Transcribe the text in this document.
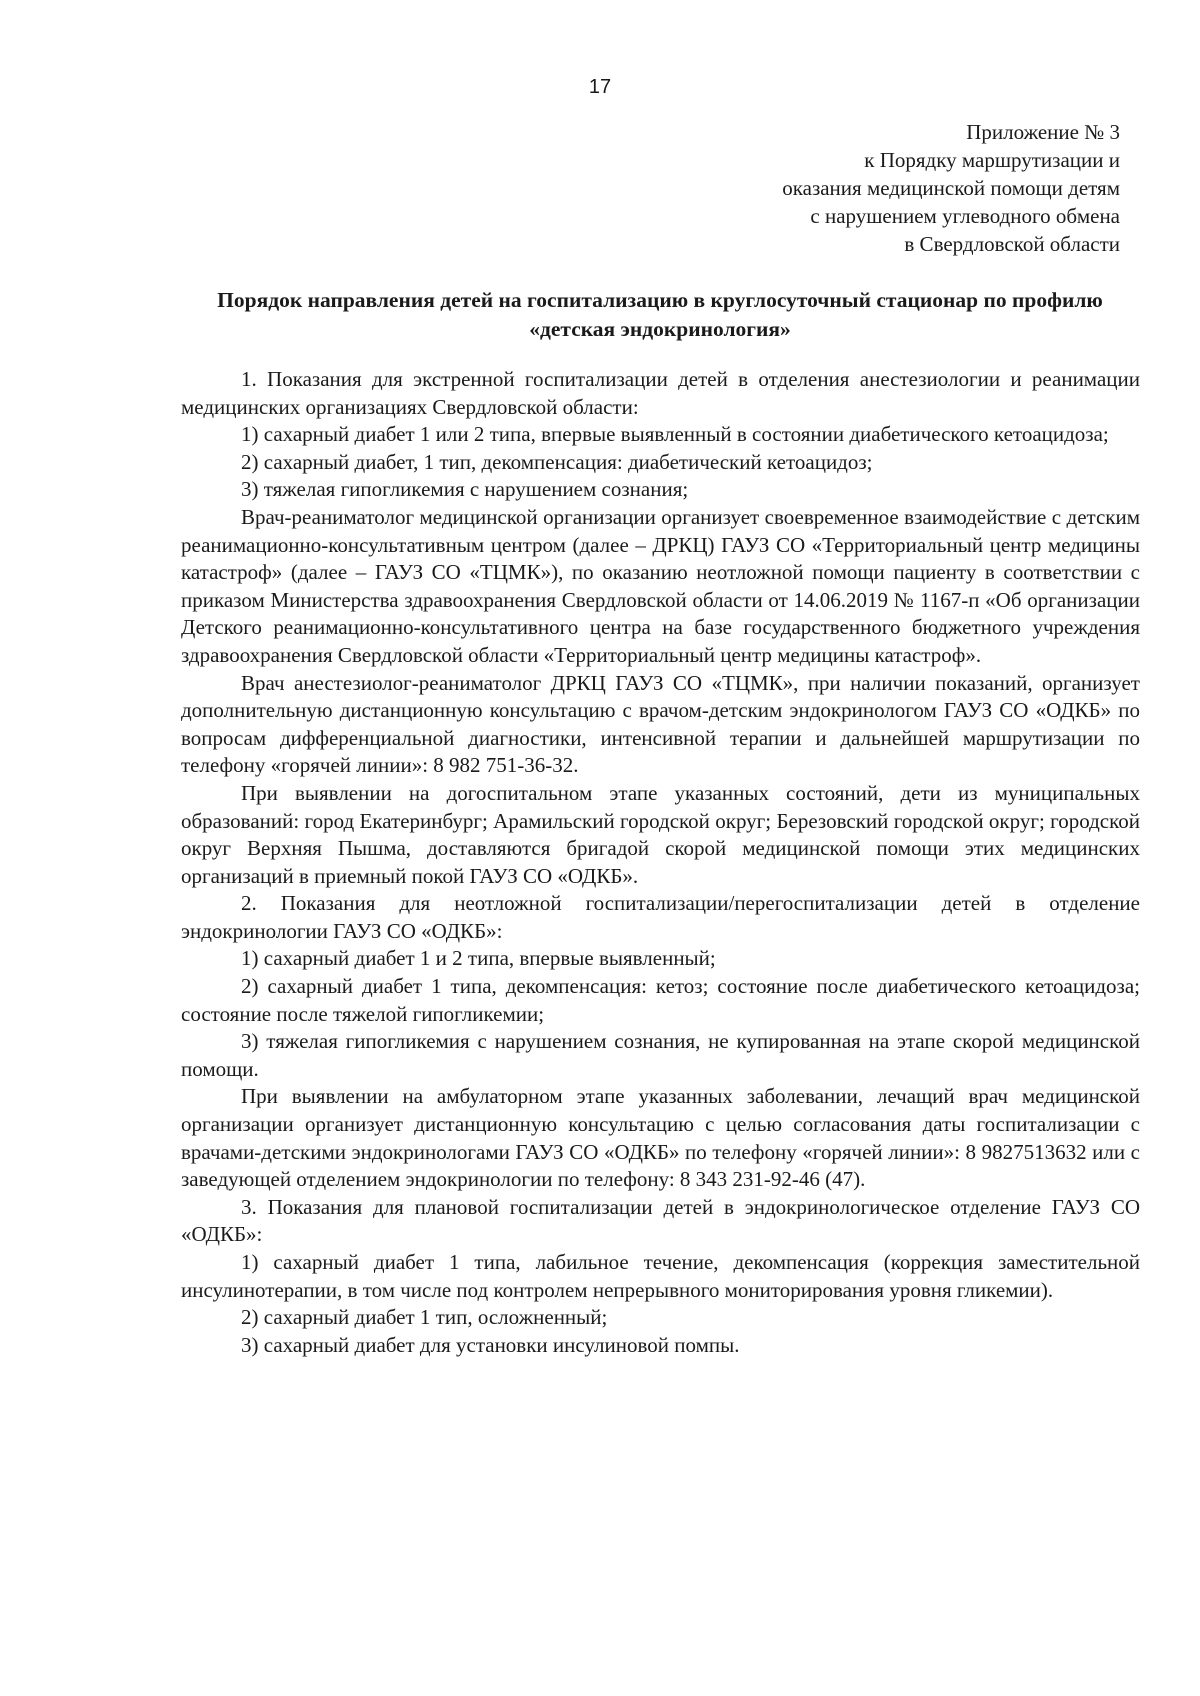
17
Приложение № 3
к Порядку маршрутизации и
оказания медицинской помощи детям
с нарушением углеводного обмена
в Свердловской области
Порядок направления детей на госпитализацию в круглосуточный стационар по профилю «детская эндокринология»

1. Показания для экстренной госпитализации детей в отделения анестезиологии и реанимации медицинских организациях Свердловской области:

1) сахарный диабет 1 или 2 типа, впервые выявленный в состоянии диабетического кетоацидоза;

2) сахарный диабет, 1 тип, декомпенсация: диабетический кетоацидоз;

3) тяжелая гипогликемия с нарушением сознания;

Врач-реаниматолог медицинской организации организует своевременное взаимодействие с детским реанимационно-консультативным центром (далее – ДРКЦ) ГАУЗ СО «Территориальный центр медицины катастроф» (далее – ГАУЗ СО «ТЦМК»), по оказанию неотложной помощи пациенту в соответствии с приказом Министерства здравоохранения Свердловской области от 14.06.2019 № 1167-п «Об организации Детского реанимационно-консультативного центра на базе государственного бюджетного учреждения здравоохранения Свердловской области «Территориальный центр медицины катастроф».

Врач анестезиолог-реаниматолог ДРКЦ ГАУЗ СО «ТЦМК», при наличии показаний, организует дополнительную дистанционную консультацию с врачом-детским эндокринологом ГАУЗ СО «ОДКБ» по вопросам дифференциальной диагностики, интенсивной терапии и дальнейшей маршрутизации по телефону «горячей линии»: 8 982 751-36-32.

При выявлении на догоспитальном этапе указанных состояний, дети из муниципальных образований: город Екатеринбург; Арамильский городской округ; Березовский городской округ; городской округ Верхняя Пышма, доставляются бригадой скорой медицинской помощи этих медицинских организаций в приемный покой ГАУЗ СО «ОДКБ».

2. Показания для неотложной госпитализации/перегоспитализации детей в отделение эндокринологии ГАУЗ СО «ОДКБ»:

1) сахарный диабет 1 и 2 типа, впервые выявленный;

2) сахарный диабет 1 типа, декомпенсация: кетоз; состояние после диабетического кетоацидоза; состояние после тяжелой гипогликемии;

3) тяжелая гипогликемия с нарушением сознания, не купированная на этапе скорой медицинской помощи.

При выявлении на амбулаторном этапе указанных заболевании, лечащий врач медицинской организации организует дистанционную консультацию с целью согласования даты госпитализации с врачами-детскими эндокринологами ГАУЗ СО «ОДКБ» по телефону «горячей линии»: 8 9827513632 или с заведующей отделением эндокринологии по телефону: 8 343 231-92-46 (47).

3. Показания для плановой госпитализации детей в эндокринологическое отделение ГАУЗ СО «ОДКБ»:

1) сахарный диабет 1 типа, лабильное течение, декомпенсация (коррекция заместительной инсулинотерапии, в том числе под контролем непрерывного мониторирования уровня гликемии).

2) сахарный диабет 1 тип, осложненный;

3) сахарный диабет для установки инсулиновой помпы.
